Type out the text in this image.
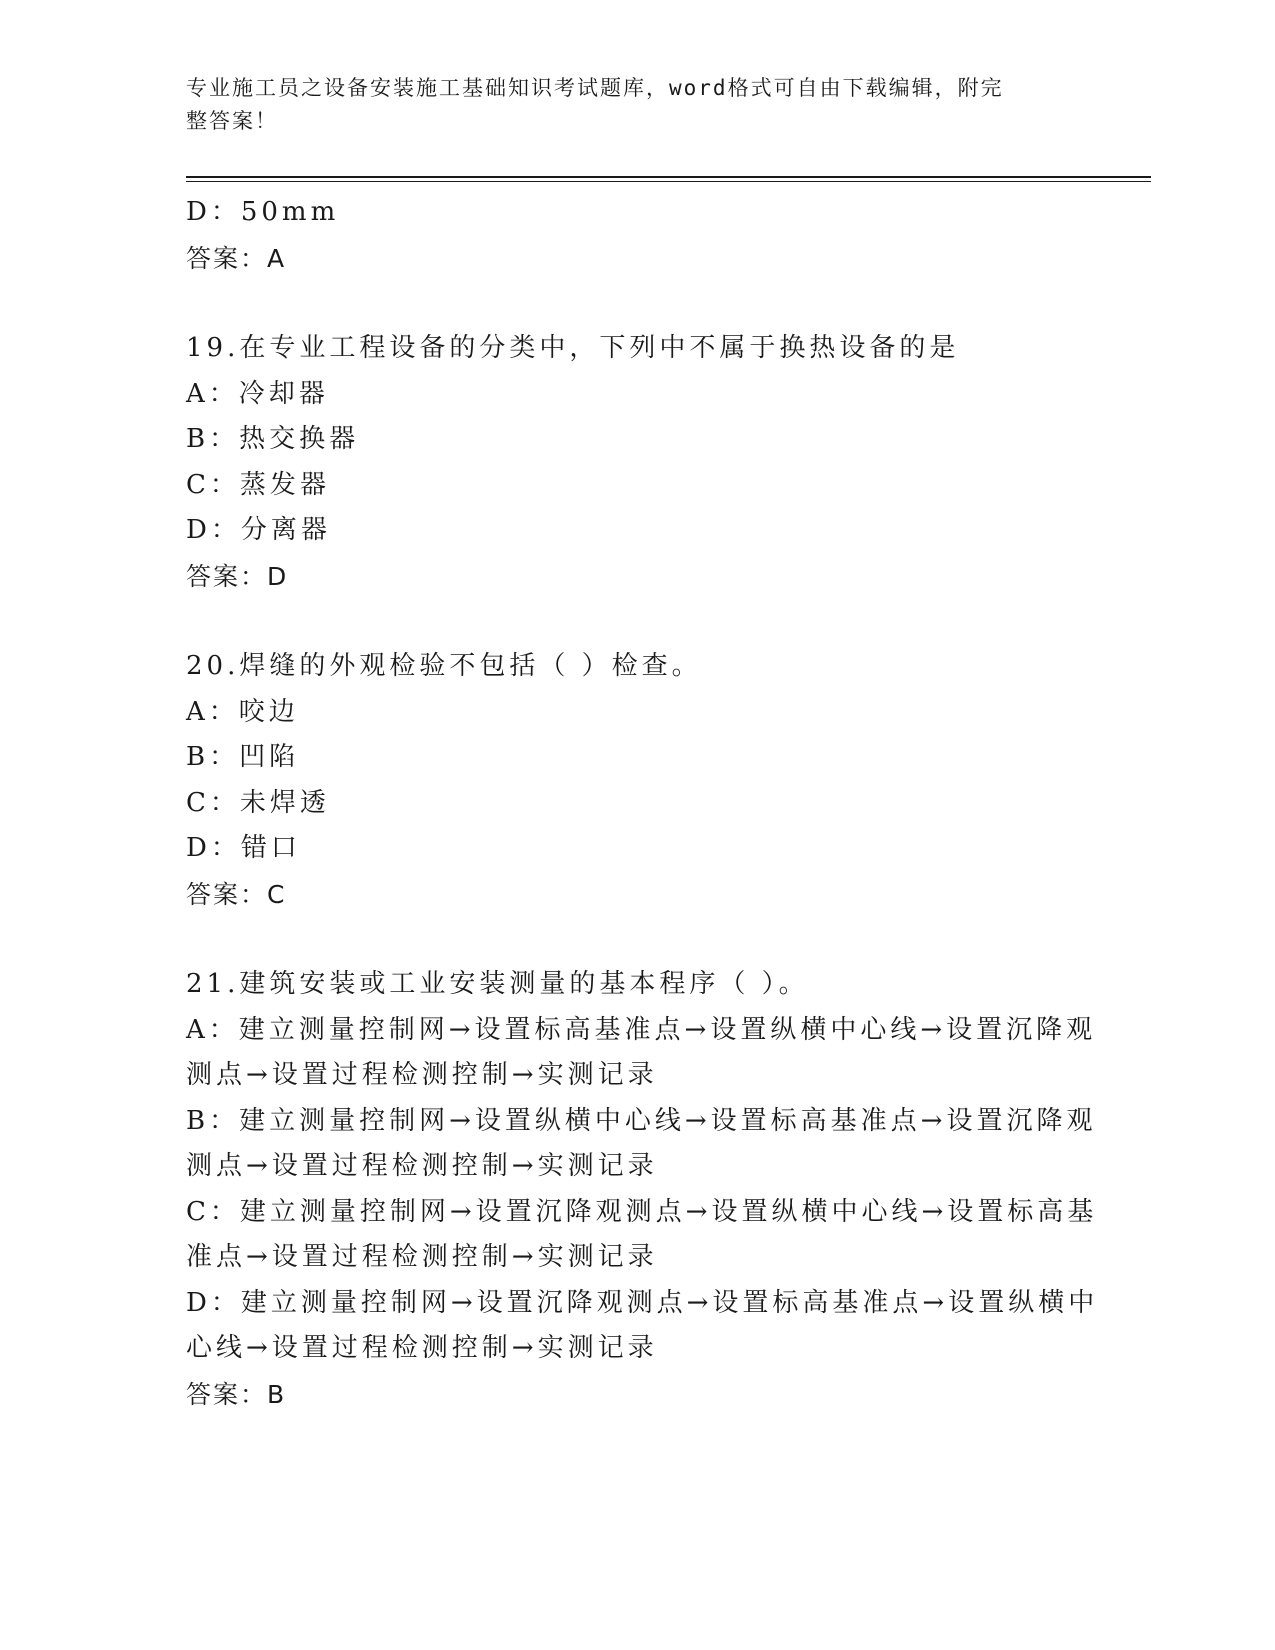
专业施工员之设备安装施工基础知识考试题库，word格式可自由下载编辑，附完
整答案！
D：50mm
答案：A
19.在专业工程设备的分类中，下列中不属于换热设备的是
A：冷却器
B：热交换器
C：蒸发器
D：分离器
答案：D
20.焊缝的外观检验不包括（ ）检查。
A：咬边
B：凹陷
C：未焊透
D：错口
答案：C
21.建筑安装或工业安装测量的基本程序（ ）。
A：建立测量控制网→设置标高基准点→设置纵横中心线→设置沉降观
测点→设置过程检测控制→实测记录
B：建立测量控制网→设置纵横中心线→设置标高基准点→设置沉降观
测点→设置过程检测控制→实测记录
C：建立测量控制网→设置沉降观测点→设置纵横中心线→设置标高基
准点→设置过程检测控制→实测记录
D：建立测量控制网→设置沉降观测点→设置标高基准点→设置纵横中
心线→设置过程检测控制→实测记录
答案：B
